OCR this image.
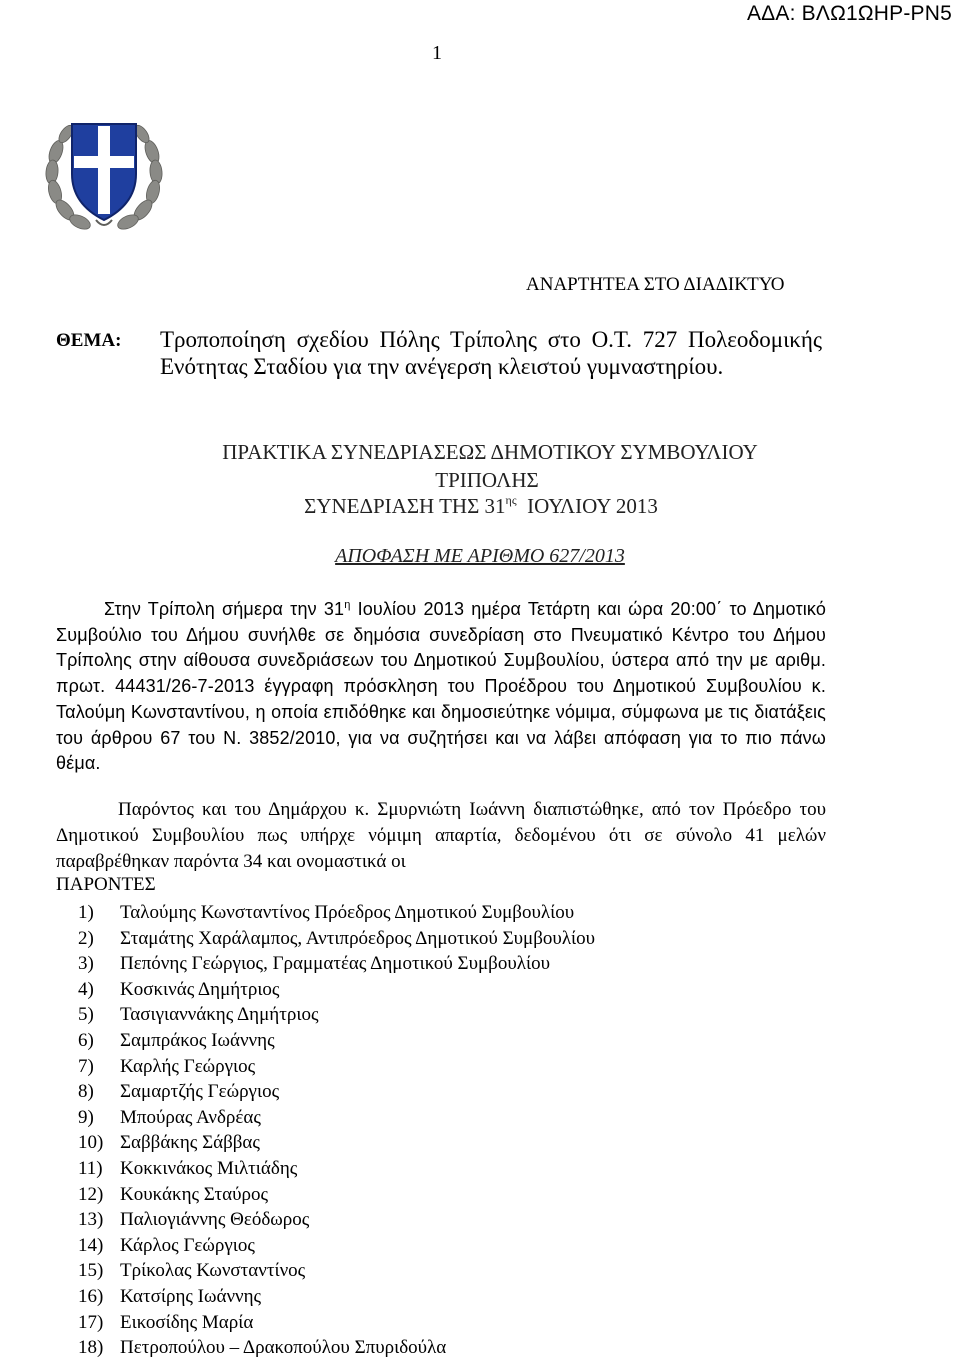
ΑΔΑ: ΒΛΩ1ΩΗΡ-ΡΝ5
1
ΑΝΑΡΤΗΤΕΑ ΣΤΟ ΔΙΑΔΙΚΤΥΟ
ΘΕΜΑ: Τροποποίηση σχεδίου Πόλης Τρίπολης στο Ο.Τ. 727 Πολεοδομικής Ενότητας Σταδίου για την ανέγερση κλειστού γυμναστηρίου.
ΠΡΑΚΤΙΚΑ ΣΥΝΕΔΡΙΑΣΕΩΣ ΔΗΜΟΤΙΚΟΥ ΣΥΜΒΟΥΛΙΟΥ
ΤΡΙΠΟΛΗΣ
ΣΥΝΕΔΡΙΑΣΗ ΤΗΣ $31^{\eta\varsigma}$ ΙΟΥΛΙΟΥ 2013
ΑΠΟΦΑΣΗ ΜΕ ΑΡΙΘΜΟ 627/2013

Στην Τρίπολη σήμερα την $31^\eta$ Ιουλίου 2013 ημέρα Τετάρτη και ώρα 20:00΄ το Δημοτικό Συμβούλιο του Δήμου συνήλθε σε δημόσια συνεδρίαση στο Πνευματικό Κέντρο του Δήμου Τρίπολης στην αίθουσα συνεδριάσεων του Δημοτικού Συμβουλίου, ύστερα από την με αριθμ. πρωτ. 44431/26-7-2013 έγγραφη πρόσκληση του Προέδρου του Δημοτικού Συμβουλίου κ. Ταλούμη Κωνσταντίνου, η οποία επιδόθηκε και δημοσιεύτηκε νόμιμα, σύμφωνα με τις διατάξεις του άρθρου 67 του Ν. 3852/2010, για να συζητήσει και να λάβει απόφαση για το πιο πάνω θέμα.

Παρόντος και του Δημάρχου κ. Σμυρνιώτη Ιωάννη διαπιστώθηκε, από τον Πρόεδρο του Δημοτικού Συμβουλίου πως υπήρχε νόμιμη απαρτία, δεδομένου ότι σε σύνολο 41 μελών παραβρέθηκαν παρόντα 34 και ονομαστικά οι

ΠΑΡΟΝΤΕΣ
1)	Ταλούμης Κωνσταντίνος Πρόεδρος Δημοτικού Συμβουλίου
2)	Σταμάτης Χαράλαμπος, Αντιπρόεδρος Δημοτικού Συμβουλίου
3)	Πεπόνης Γεώργιος, Γραμματέας Δημοτικού Συμβουλίου
4)	Κοσκινάς Δημήτριος
5)	Τασιγιαννάκης Δημήτριος
6)	Σαμπράκος Ιωάννης
7)	Καρλής Γεώργιος
8)	Σαμαρτζής Γεώργιος
9)	Μπούρας Ανδρέας
10) Σαββάκης Σάββας
11) Κοκκινάκος Μιλτιάδης
12) Κουκάκης Σταύρος
13) Παλιογιάννης Θεόδωρος
14) Κάρλος Γεώργιος
15) Τρίκολας Κωνσταντίνος
16) Κατσίρης Ιωάννης
17) Εικοσίδης Μαρία
18) Πετροπούλου – Δρακοπούλου Σπυριδούλα
